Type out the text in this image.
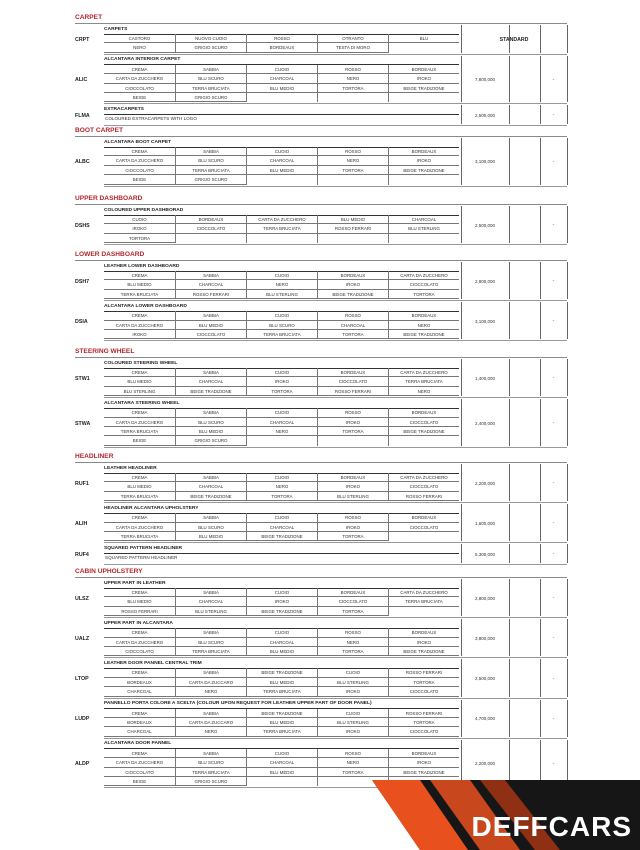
CARPET
CARPETS
CASTORO	NUOVO CUOIO	ROSSO	OTRANTO	BLU
NERO	GRIGIO SCURO	BORDEAUX	TESTA DI MORO
CRPT	STANDARD
ALCANTARA INTERIOR CARPET
CREMA	SABBIA	CUOIO	ROSSO	BORDEAUX
CARTA DA ZUCCHERO	BLU SCURO	CHARCOAL	NERO	IROKO
CIOCCOLATO	TERRA BRUCIATA	BLU MEDIO	TORTORA	BEIGE TRADIZIONE
BEIGE	GRIGIO SCURO
ALIC	7,800,000	-
EXTRACARPETS
COLOURED EXTRACARPETS WITH LOGO
FLMA	2,500,000	-
BOOT CARPET
ALCANTARA BOOT CARPET
CREMA	SABBIA	CUOIO	ROSSO	BORDEAUX
CARTA DA ZUCCHERO	BLU SCURO	CHARCOAL	NERO	IROKO
CIOCCOLATO	TERRA BRUCIATA	BLU MEDIO	TORTORA	BEIGE TRADIZIONE
BEIGE	GRIGIO SCURO
ALBC	3,100,000	-
UPPER DASHBOARD
COLOURED UPPER DASHBORAD
CUOIO	BORDEAUX	CARTA DA ZUCCHERO	BLU MEDIO	CHARCOAL
IROKO	CIOCCOLATO	TERRA BRUCIATA	ROSSO FERRARI	BLU STERLING
TORTORA
DSHS	2,500,000	-
LOWER DASHBOARD
LEATHER LOWER DASHBOARD
CREMA	SABBIA	CUOIO	BORDEAUX	CARTA DA ZUCCHERO
BLU MEDIO	CHARCOAL	NERO	IROKO	CIOCCOLATO
TERRA BRUCIATA	ROSSO FERRARI	BLU STERLING	BEIGE TRADIZIONE	TORTORA
DSH7	2,800,000	-
ALCANTARA LOWER DASHBOARD
CREMA	SABBIA	CUOIO	ROSSO	BORDEAUX
CARTA DA ZUCCHERO	BLU MEDIO	BLU SCURO	CHARCOAL	NERO
IROKO	CIOCCOLATO	TERRA BRUCIATA	TORTORA	BEIGE TRADIZIONE
DSIA	3,100,000	-
STEERING WHEEL
COLOURED STEERING WHEEL
CREMA	SABBIA	CUOIO	BORDEAUX	CARTA DA ZUCCHERO
BLU MEDIO	CHARCOAL	IROKO	CIOCCOLATO	TERRA BRUCIATA
BLU STERLING	BEIGE TRADIZIONE	TORTORA	ROSSO FERRARI	NERO
STW1	1,400,000	-
ALCANTARA STEERING WHEEL
CREMA	SABBIA	CUOIO	ROSSO	BORDEAUX
CARTA DA ZUCCHERO	BLU SCURO	CHARCOAL	IROKO	CIOCCOLATO
TERRA BRUCIATA	BLU MEDIO	NERO	TORTORA	BEIGE TRADIZIONE
BEIGE	GRIGIO SCURO
STWA	2,400,000	-
HEADLINER
LEATHER HEADLINER
CREMA	SABBIA	CUOIO	BORDEAUX	CARTA DA ZUCCHERO
BLU MEDIO	CHARCOAL	NERO	IROKO	CIOCCOLATO
TERRA BRUCIATA	BEIGE TRADIZIONE	TORTORA	BLU STERLING	ROSSO FERRARI
RUF1	2,200,000	-
HEADLINER ALCANTARA UPHOLSTERY
CREMA	SABBIA	CUOIO	ROSSO	BORDEAUX
CARTA DA ZUCCHERO	BLU SCURO	CHARCOAL	IROKO	CIOCCOLATO
TERRA BRUCIATA	BLU MEDIO	BEIGE TRADIZIONE	TORTORA
ALIH	1,600,000	-
SQUARED PATTERN HEADLINER
SQUARED PATTERN HEADLINER
RUF4	5,300,000	-
CABIN UPHOLSTERY
UPPER PART IN LEATHER
CREMA	SABBIA	CUOIO	BORDEAUX	CARTA DA ZUCCHERO
BLU MEDIO	CHARCOAL	IROKO	CIOCCOLATO	TERRA BRUCIATA
ROSSO FERRARI	BLU STERLING	BEIGE TRADIZIONE	TORTORA
ULSZ	2,800,000	-
UPPER PART IN ALCANTARA
CREMA	SABBIA	CUOIO	ROSSO	BORDEAUX
CARTA DA ZUCCHERO	BLU SCURO	CHARCOAL	NERO	IROKO
CIOCCOLATO	TERRA BRUCIATA	BLU MEDIO	TORTORA	BEIGE TRADIZIONE
UALZ	3,800,000	-
LEATHER DOOR PANNEL CENTRAL TRIM
CREMA	SABBIA	BEIGE TRADIZIONE	CUOIO	ROSSO FERRARI
BORDEAUX	CARTA DA ZUCCARO	BLU MEDIO	BLU STERLING	TORTORA
CHARCOAL	NERO	TERRA BRUCIATA	IROKO	CIOCCOLATO
LTOP	2,500,000	-
PANNELLO PORTA COLORE A SCELTA (COLOUR UPON REQUEST FOR LEATHER UPPER PART OF DOOR PANEL)
CREMA	SABBIA	BEIGE TRADIZIONE	CUOIO	ROSSO FERRARI
BORDEAUX	CARTA DA ZUCCARO	BLU MEDIO	BLU STERLING	TORTORA
CHARCOAL	NERO	TERRA BRUCIATA	IROKO	CIOCCOLATO
LUDP	4,700,000	-
ALCANTARA DOOR PANNEL
CREMA	SABBIA	CUOIO	ROSSO	BORDEAUX
CARTA DA ZUCCHERO	BLU SCURO	CHARCOAL	NERO	IROKO
CIOCCOLATO	TERRA BRUCIATA	BLU MEDIO	TORTORA	BEIGE TRADIZIONE
BEIGE	GRIGIO SCURO
ALDP	2,200,000	-
DEFFCARS
